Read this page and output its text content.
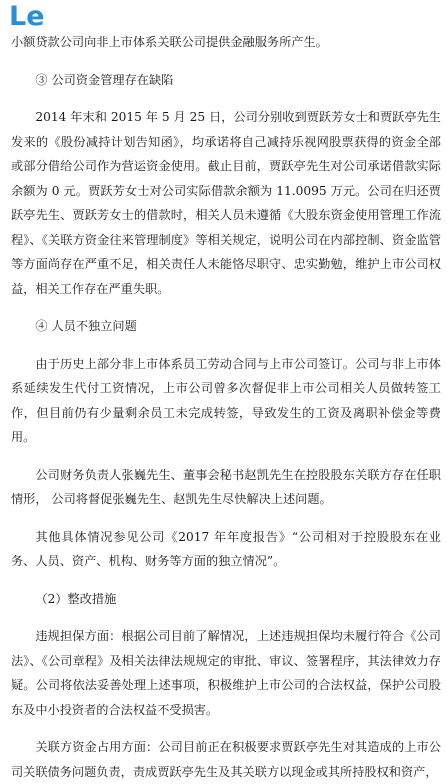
Le

小额贷款公司向非上市体系关联公司提供金融服务所产生。

③ 公司资金管理存在缺陷

2014 年末和 2015 年 5 月 25 日，公司分别收到贾跃芳女士和贾跃亭先生发来的《股份减持计划告知函》，均承诺将自己减持乐视网股票获得的资金全部或部分借给公司作为营运资金使用。截止目前，贾跃亭先生对公司承诺借款实际余额为 0 元。贾跃芳女士对公司实际借款余额为 11.0095 万元。公司在归还贾跃亭先生、贾跃芳女士的借款时，相关人员未遵循《大股东资金使用管理工作流程》、《关联方资金往来管理制度》等相关规定，说明公司在内部控制、资金监管等方面尚存在严重不足，相关责任人未能恪尽职守、忠实勤勉，维护上市公司权益，相关工作存在严重失职。

④ 人员不独立问题

由于历史上部分非上市体系员工劳动合同与上市公司签订。公司与非上市体系延续发生代付工资情况，上市公司曾多次督促非上市公司相关人员做转签工作，但目前仍有少量剩余员工未完成转签，导致发生的工资及离职补偿金等费用。

公司财务负责人张巍先生、董事会秘书赵凯先生在控股股东关联方存在任职情形， 公司将督促张巍先生、赵凯先生尽快解决上述问题。

其他具体情况参见公司《2017 年年度报告》“公司相对于控股股东在业务、人员、资产、机构、财务等方面的独立情况”。

（2）整改措施

违规担保方面：根据公司目前了解情况，上述违规担保均未履行符合《公司法》、《公司章程》及相关法律法规规定的审批、审议、签署程序，其法律效力存疑。公司将依法妥善处理上述事项，积极维护上市公司的合法权益，保护公司股东及中小投资者的合法权益不受损害。

关联方资金占用方面：公司目前正在积极要求贾跃亭先生对其造成的上市公司关联债务问题负责，责成贾跃亭先生及其关联方以现金或其所持股权和资产，
